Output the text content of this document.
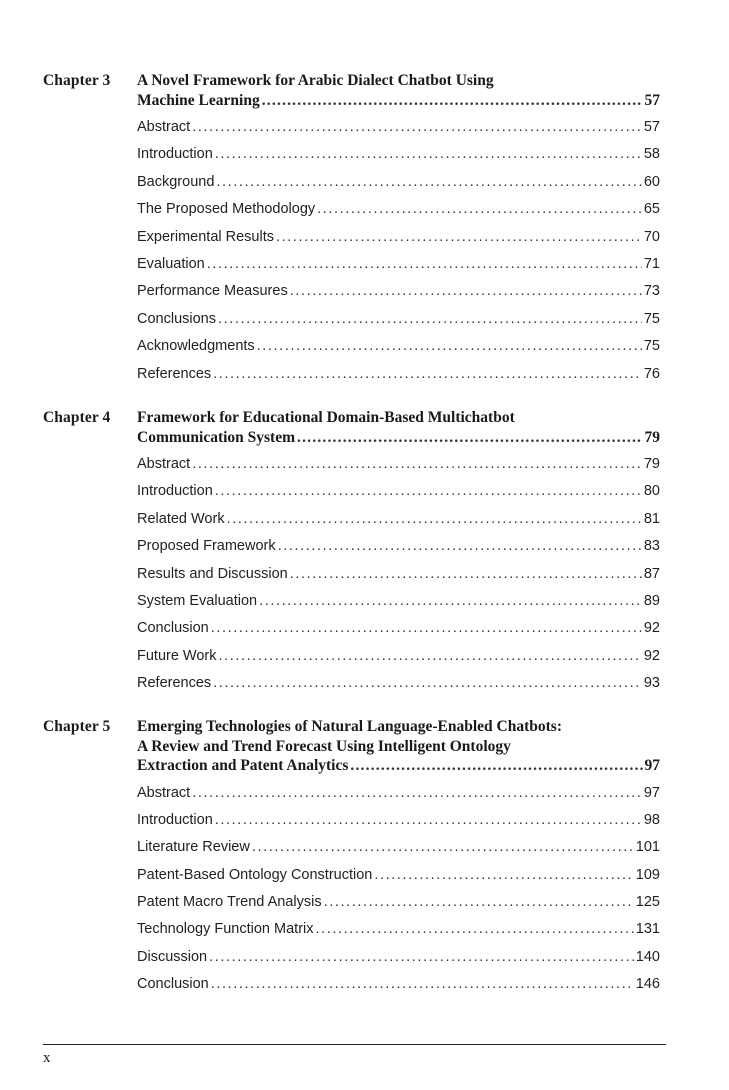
Chapter 3 A Novel Framework for Arabic Dialect Chatbot Using
Machine Learning .....	57
Abstract .....	57
Introduction .....	58
Background .....	60
The Proposed Methodology .....	65
Experimental Results .....	70
Evaluation .....	71
Performance Measures .....	73
Conclusions .....	75
Acknowledgments .....	75
References .....	76
Chapter 4 Framework for Educational Domain-Based Multichatbot
Communication System .....	79
Abstract .....	79
Introduction .....	80
Related Work .....	81
Proposed Framework .....	83
Results and Discussion .....	87
System Evaluation .....	89
Conclusion .....	92
Future Work .....	92
References .....	93
Chapter 5 Emerging Technologies of Natural Language-Enabled Chatbots:
A Review and Trend Forecast Using Intelligent Ontology
Extraction and Patent Analytics .....	97
Abstract .....	97
Introduction .....	98
Literature Review .....	101
Patent-Based Ontology Construction .....	109
Patent Macro Trend Analysis .....	125
Technology Function Matrix .....	131
Discussion .....	140
Conclusion .....	146
x
